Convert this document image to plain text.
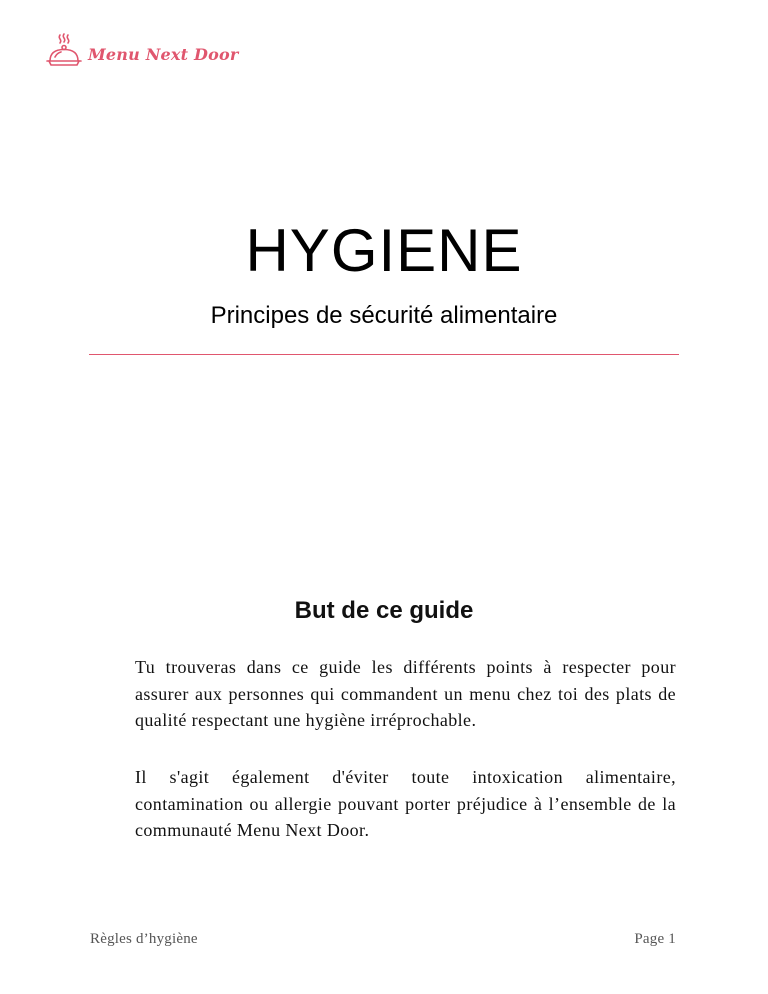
Menu Next Door
HYGIENE
Principes de sécurité alimentaire
But de ce guide

Tu trouveras dans ce guide les différents points à respecter pour assurer aux personnes qui commandent un menu chez toi des plats de qualité respectant une hygiène irréprochable.

Il s'agit également d'éviter toute intoxication alimentaire, contamination ou allergie pouvant porter préjudice à l’ensemble de la communauté Menu Next Door.

Règles d’hygiène	Page 1
